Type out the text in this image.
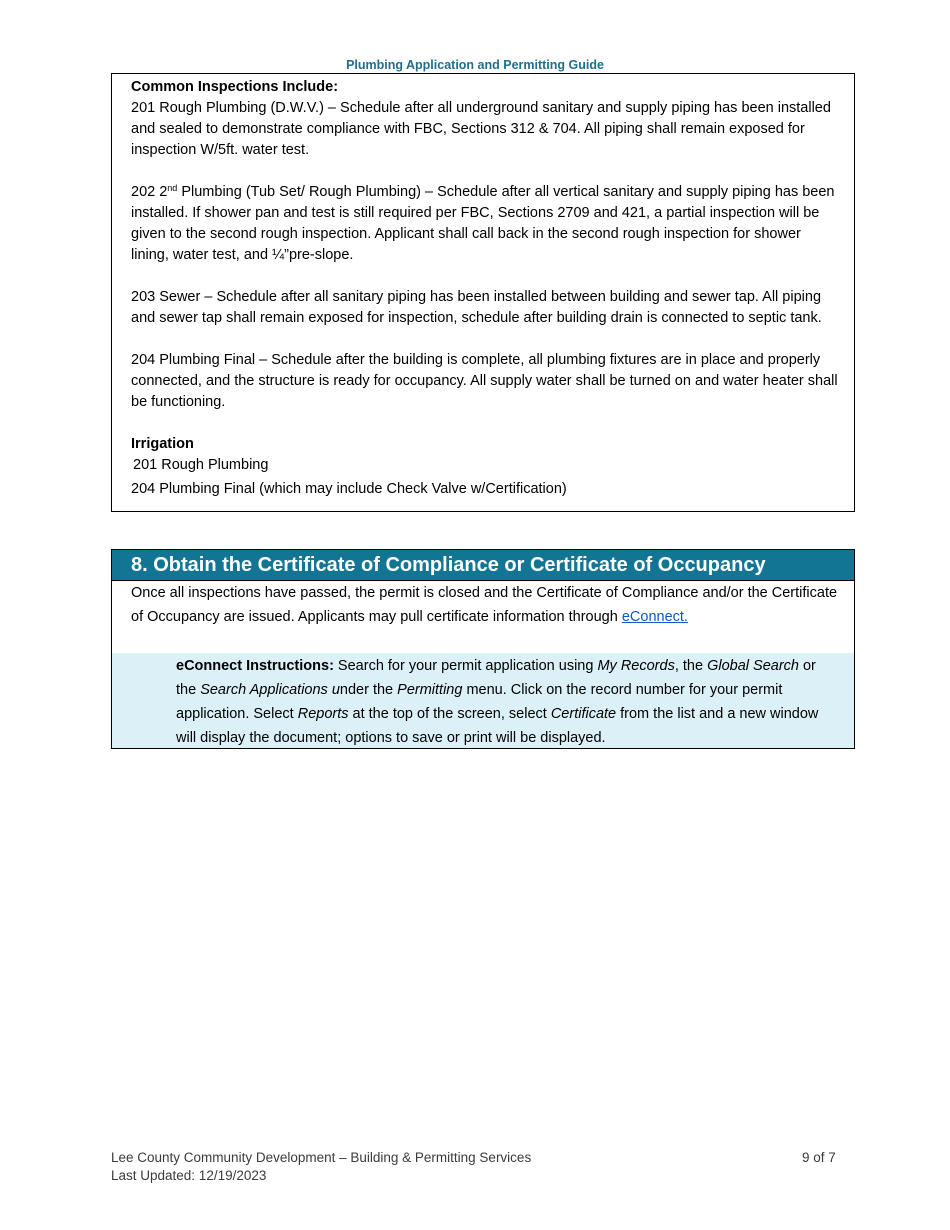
Plumbing Application and Permitting Guide

Common Inspections Include:

201 Rough Plumbing (D.W.V.) – Schedule after all underground sanitary and supply piping has been installed and sealed to demonstrate compliance with FBC, Sections 312 & 704. All piping shall remain exposed for inspection W/5ft. water test.

202 2nd Plumbing (Tub Set/ Rough Plumbing) – Schedule after all vertical sanitary and supply piping has been installed. If shower pan and test is still required per FBC, Sections 2709 and 421, a partial inspection will be given to the second rough inspection. Applicant shall call back in the second rough inspection for shower lining, water test, and ¼”pre-slope.

203 Sewer – Schedule after all sanitary piping has been installed between building and sewer tap. All piping and sewer tap shall remain exposed for inspection, schedule after building drain is connected to septic tank.

204 Plumbing Final – Schedule after the building is complete, all plumbing fixtures are in place and properly connected, and the structure is ready for occupancy. All supply water shall be turned on and water heater shall be functioning.

Irrigation

201 Rough Plumbing

204 Plumbing Final (which may include Check Valve w/Certification)

8. Obtain the Certificate of Compliance or Certificate of Occupancy

Once all inspections have passed, the permit is closed and the Certificate of Compliance and/or the Certificate of Occupancy are issued. Applicants may pull certificate information through eConnect.

eConnect Instructions: Search for your permit application using My Records, the Global Search or the Search Applications under the Permitting menu. Click on the record number for your permit application. Select Reports at the top of the screen, select Certificate from the list and a new window will display the document; options to save or print will be displayed.

Lee County Community Development – Building & Permitting Services
Last Updated: 12/19/2023
9 of 7
